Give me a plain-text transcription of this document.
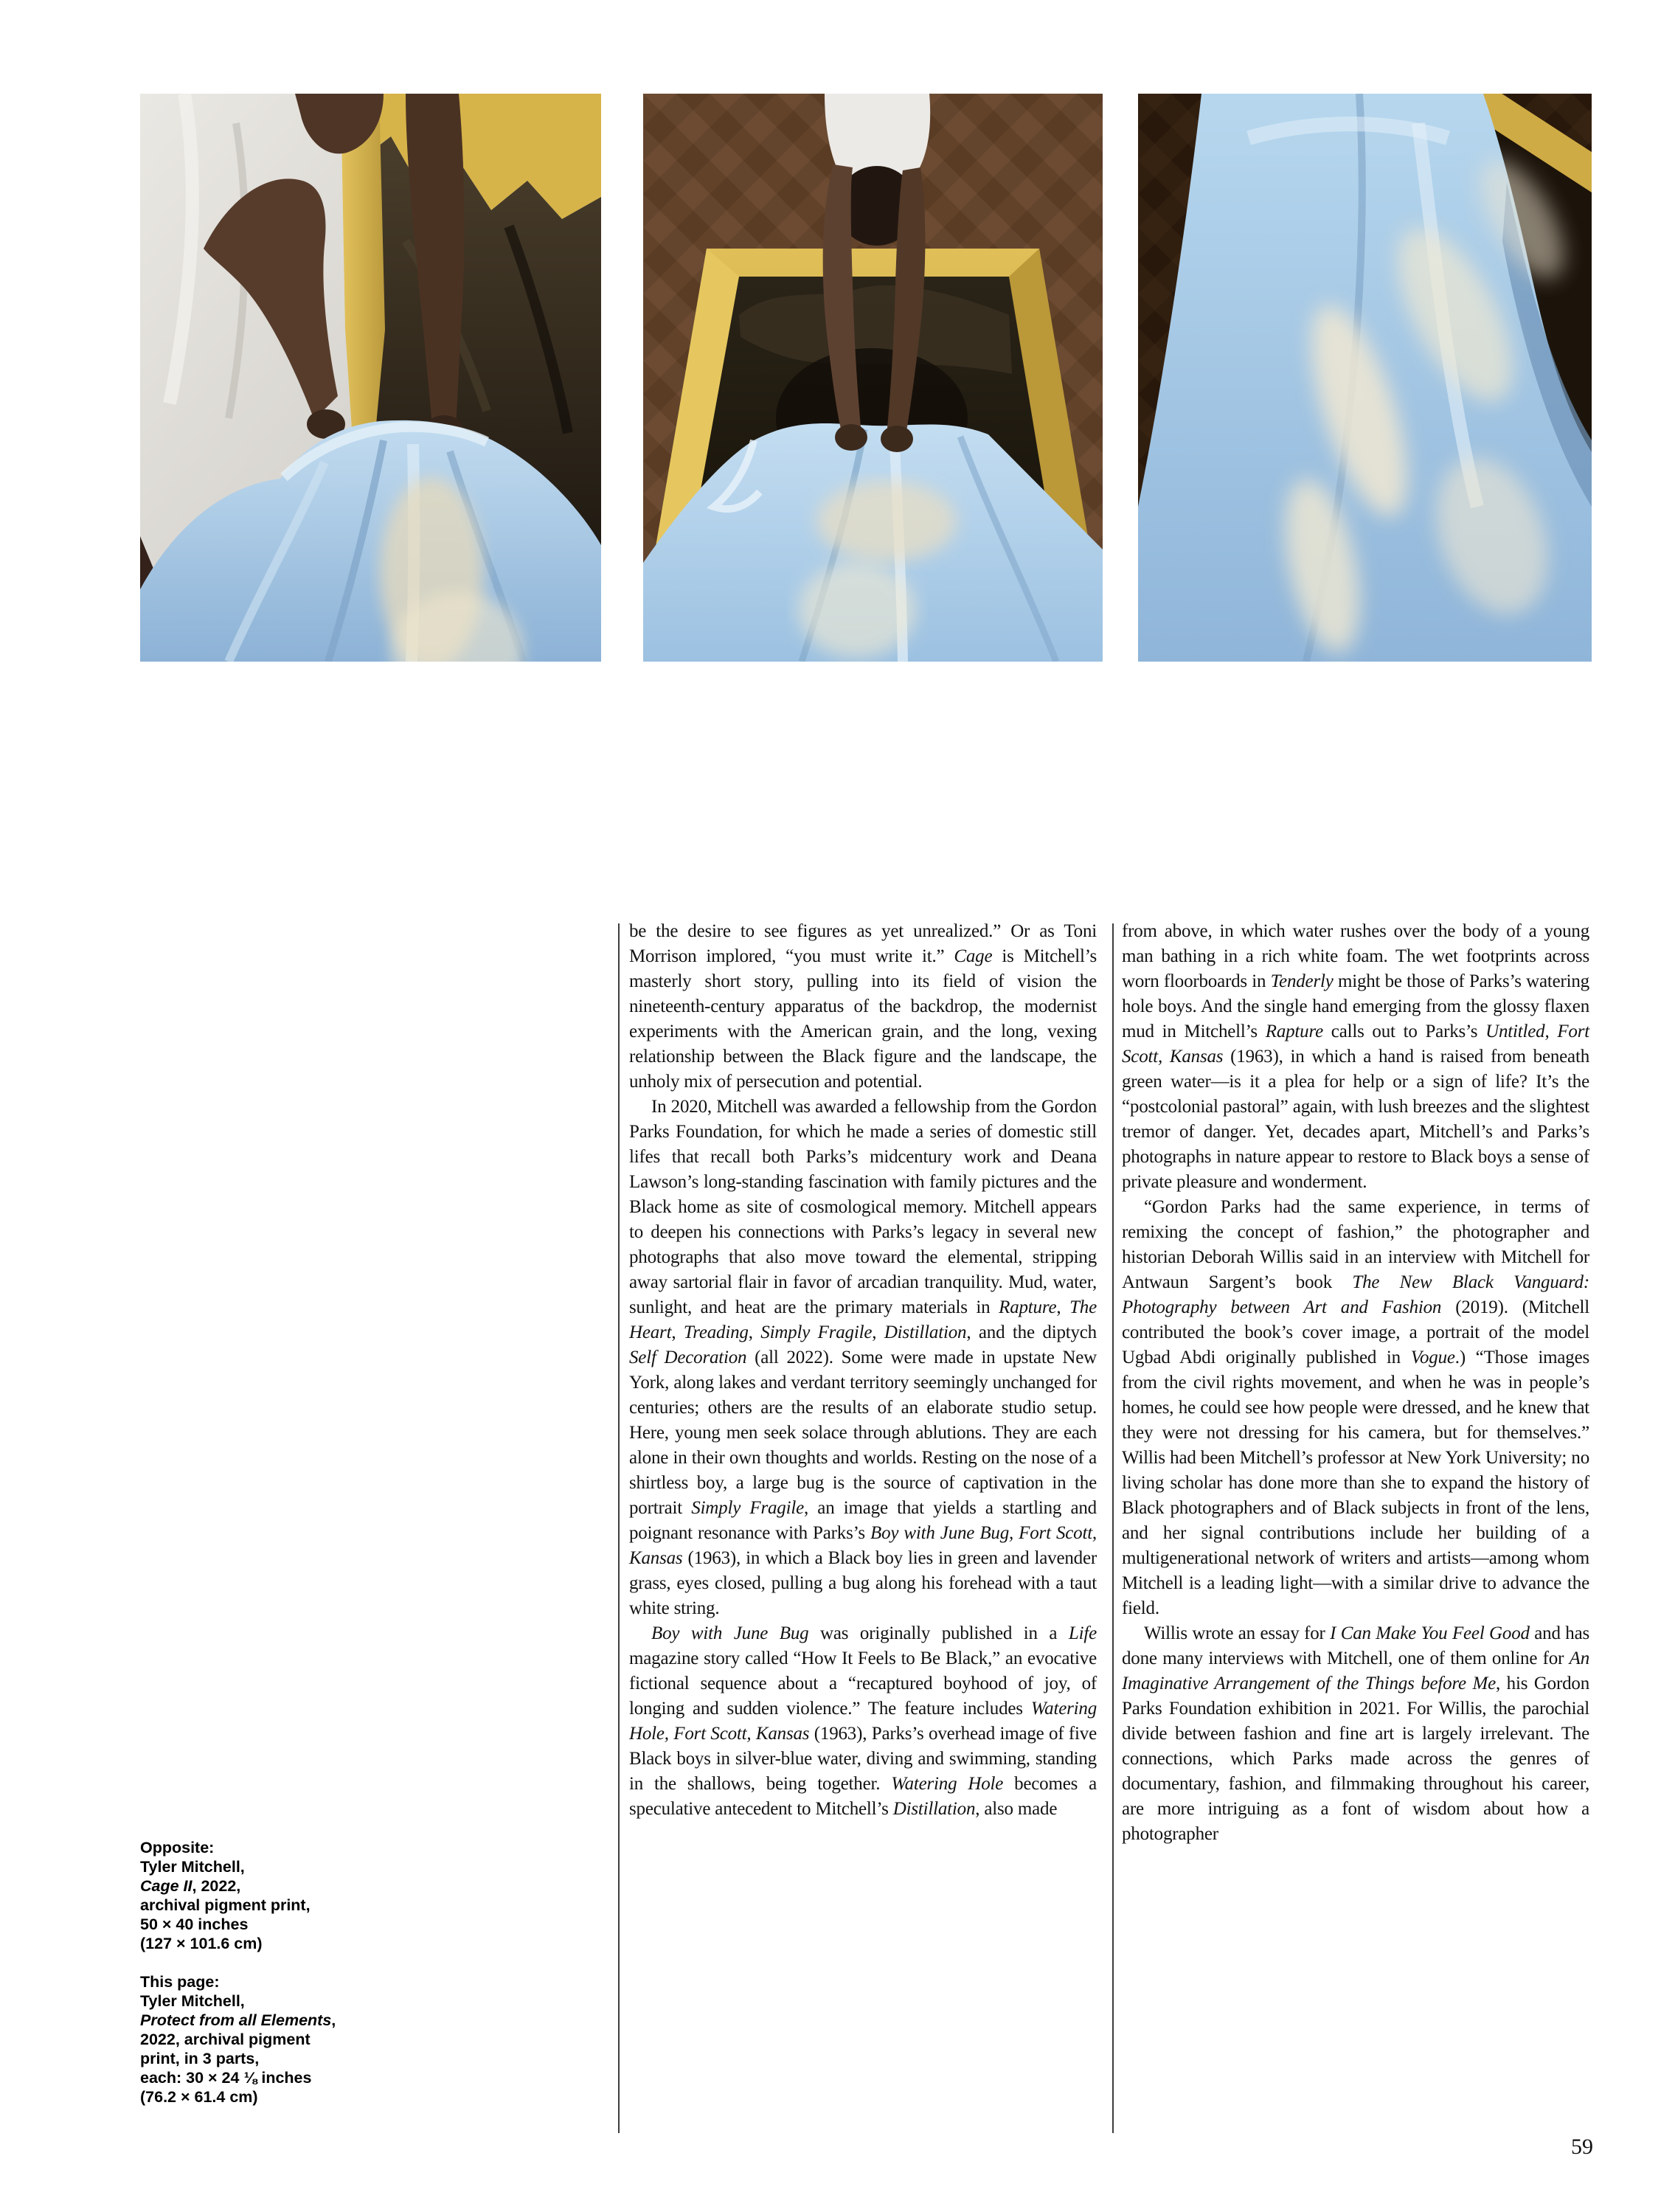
be the desire to see figures as yet unrealized.” Or as Toni Morrison implored, “you must write it.” Cage is Mitchell’s masterly short story, pulling into its field of vision the nineteenth-century apparatus of the backdrop, the modernist experiments with the American grain, and the long, vexing relationship between the Black figure and the landscape, the unholy mix of persecution and potential.

In 2020, Mitchell was awarded a fellowship from the Gordon Parks Foundation, for which he made a series of domestic still lifes that recall both Parks’s midcentury work and Deana Lawson’s long-standing fascination with family pictures and the Black home as site of cosmological memory. Mitchell appears to deepen his connections with Parks’s legacy in several new photographs that also move toward the elemental, stripping away sartorial flair in favor of arcadian tranquility. Mud, water, sunlight, and heat are the primary materials in Rapture, The Heart, Treading, Simply Fragile, Distillation, and the diptych Self Decoration (all 2022). Some were made in upstate New York, along lakes and verdant territory seemingly unchanged for centuries; others are the results of an elaborate studio setup. Here, young men seek solace through ablutions. They are each alone in their own thoughts and worlds. Resting on the nose of a shirtless boy, a large bug is the source of captivation in the portrait Simply Fragile, an image that yields a startling and poignant resonance with Parks’s Boy with June Bug, Fort Scott, Kansas (1963), in which a Black boy lies in green and lavender grass, eyes closed, pulling a bug along his forehead with a taut white string.

Boy with June Bug was originally published in a Life magazine story called “How It Feels to Be Black,” an evocative fictional sequence about a “recaptured boyhood of joy, of longing and sudden violence.” The feature includes Watering Hole, Fort Scott, Kansas (1963), Parks’s overhead image of five Black boys in silver-blue water, diving and swimming, standing in the shallows, being together. Watering Hole becomes a speculative antecedent to Mitchell’s Distillation, also made

from above, in which water rushes over the body of a young man bathing in a rich white foam. The wet footprints across worn floorboards in Tenderly might be those of Parks’s watering hole boys. And the single hand emerging from the glossy flaxen mud in Mitchell’s Rapture calls out to Parks’s Untitled, Fort Scott, Kansas (1963), in which a hand is raised from beneath green water—is it a plea for help or a sign of life? It’s the “postcolonial pastoral” again, with lush breezes and the slightest tremor of danger. Yet, decades apart, Mitchell’s and Parks’s photographs in nature appear to restore to Black boys a sense of private pleasure and wonderment.

“Gordon Parks had the same experience, in terms of remixing the concept of fashion,” the photographer and historian Deborah Willis said in an interview with Mitchell for Antwaun Sargent’s book The New Black Vanguard: Photography between Art and Fashion (2019). (Mitchell contributed the book’s cover image, a portrait of the model Ugbad Abdi originally published in Vogue.) “Those images from the civil rights movement, and when he was in people’s homes, he could see how people were dressed, and he knew that they were not dressing for his camera, but for themselves.” Willis had been Mitchell’s professor at New York University; no living scholar has done more than she to expand the history of Black photographers and of Black subjects in front of the lens, and her signal contributions include her building of a multigenerational network of writers and artists—among whom Mitchell is a leading light—with a similar drive to advance the field.

Willis wrote an essay for I Can Make You Feel Good and has done many interviews with Mitchell, one of them online for An Imaginative Arrangement of the Things before Me, his Gordon Parks Foundation exhibition in 2021. For Willis, the parochial divide between fashion and fine art is largely irrelevant. The connections, which Parks made across the genres of documentary, fashion, and filmmaking throughout his career, are more intriguing as a font of wisdom about how a photographer

Opposite:
Tyler Mitchell,
Cage II, 2022,
archival pigment print,
50 × 40 inches
(127 × 101.6 cm)
This page:
Tyler Mitchell,
Protect from all Elements,
2022, archival pigment
print, in 3 parts,
each: 30 × 24 ⅛ inches
(76.2 × 61.4 cm)
59
